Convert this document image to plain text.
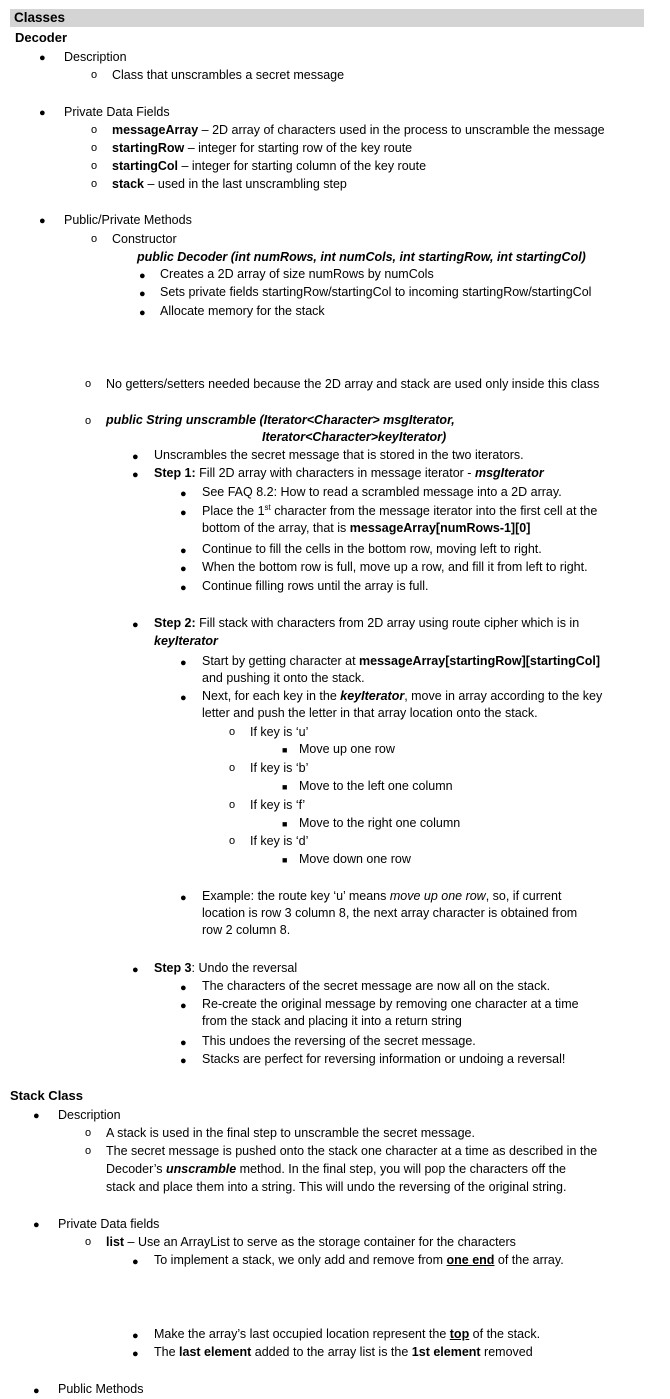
Classes
Decoder
● Description
o Class that unscrambles a secret message
● Private Data Fields
o messageArray – 2D array of characters used in the process to unscramble the message
o startingRow – integer for starting row of the key route
o startingCol – integer for starting column of the key route
o stack – used in the last unscrambling step
● Public/Private Methods
o Constructor
public Decoder (int numRows, int numCols, int startingRow, int startingCol)
● Creates a 2D array of size numRows by numCols
● Sets private fields startingRow/startingCol to incoming startingRow/startingCol
● Allocate memory for the stack
o No getters/setters needed because the 2D array and stack are used only inside this class
o public String unscramble (Iterator<Character> msgIterator,
Iterator<Character>keyIterator)
● Unscrambles the secret message that is stored in the two iterators.
● Step 1: Fill 2D array with characters in message iterator - msgIterator
● See FAQ 8.2: How to read a scrambled message into a 2D array.
● Place the 1st character from the message iterator into the first cell at the
bottom of the array, that is messageArray[numRows-1][0]
● Continue to fill the cells in the bottom row, moving left to right.
● When the bottom row is full, move up a row, and fill it from left to right.
● Continue filling rows until the array is full.
● Step 2: Fill stack with characters from 2D array using route cipher which is in
keyIterator
● Start by getting character at messageArray[startingRow][startingCol]
and pushing it onto the stack.
● Next, for each key in the keyIterator, move in array according to the key
letter and push the letter in that array location onto the stack.
o If key is ‘u’
■ Move up one row
o If key is ‘b’
■ Move to the left one column
o If key is ‘f’
■ Move to the right one column
o If key is ‘d’
■ Move down one row
● Example: the route key ‘u’ means move up one row, so, if current
location is row 3 column 8, the next array character is obtained from
row 2 column 8.
● Step 3: Undo the reversal
● The characters of the secret message are now all on the stack.
● Re-create the original message by removing one character at a time
from the stack and placing it into a return string
● This undoes the reversing of the secret message.
● Stacks are perfect for reversing information or undoing a reversal!
Stack Class
● Description
o A stack is used in the final step to unscramble the secret message.
o The secret message is pushed onto the stack one character at a time as described in the
Decoder’s unscramble method. In the final step, you will pop the characters off the
stack and place them into a string. This will undo the reversing of the original string.
● Private Data fields
o list – Use an ArrayList to serve as the storage container for the characters
● To implement a stack, we only add and remove from one end of the array.
● Make the array’s last occupied location represent the top of the stack.
● The last element added to the array list is the 1st element removed
● Public Methods
